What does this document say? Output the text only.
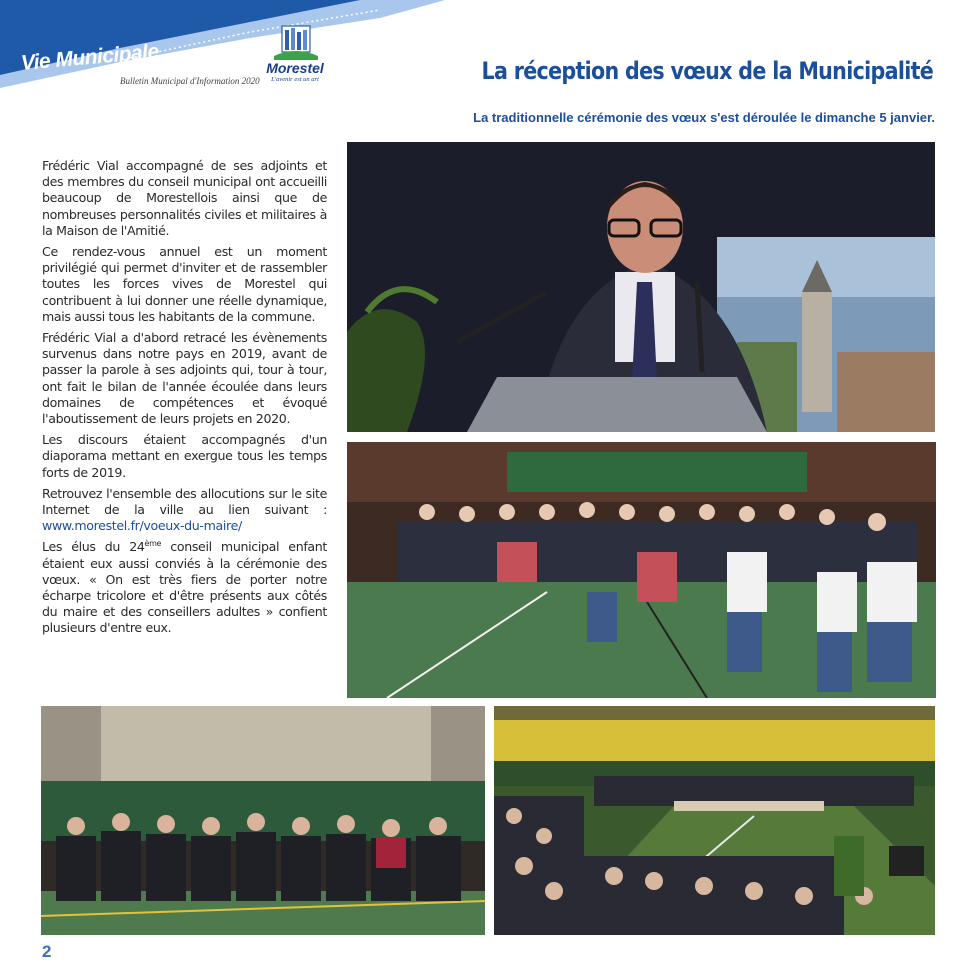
Vie Municipale
Bulletin Municipal d'Information 2020
Morestel
L'avenir est un art	La réception des vœux de la Municipalité
La traditionnelle cérémonie des vœux s'est déroulée le dimanche 5 janvier.

Frédéric Vial accompagné de ses adjoints et des membres du conseil municipal ont accueilli beaucoup de Morestellois ainsi que de nombreuses personnalités civiles et militaires à la Maison de l'Amitié.

Ce rendez-vous annuel est un moment privilégié qui permet d'inviter et de rassembler toutes les forces vives de Morestel qui contribuent à lui donner une réelle dynamique, mais aussi tous les habitants de la commune.

Frédéric Vial a d'abord retracé les évènements survenus dans notre pays en 2019, avant de passer la parole à ses adjoints qui, tour à tour, ont fait le bilan de l'année écoulée dans leurs domaines de compétences et évoqué l'aboutissement de leurs projets en 2020.

Les discours étaient accompagnés d'un diaporama mettant en exergue tous les temps forts de 2019.

Retrouvez l'ensemble des allocutions sur le site Internet de la ville au lien suivant : www.morestel.fr/voeux-du-maire/

Les élus du 24ème conseil municipal enfant étaient eux aussi conviés à la cérémonie des vœux. « On est très fiers de porter notre écharpe tricolore et d'être présents aux côtés du maire et des conseillers adultes » confient plusieurs d'entre eux.

2
